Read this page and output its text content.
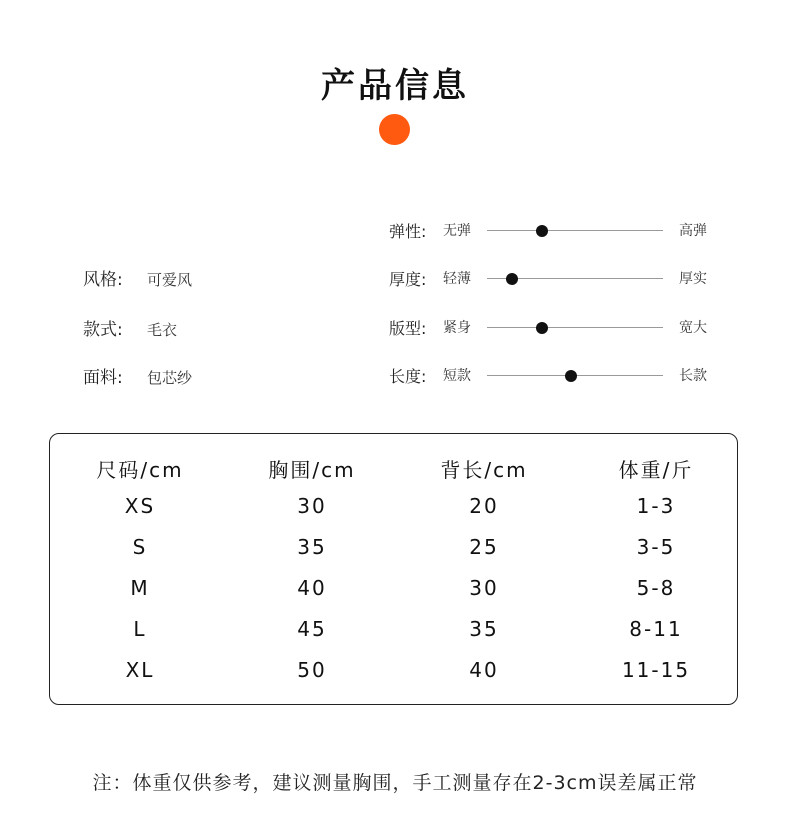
产品信息
风格: 可爱风
款式: 毛衣
面料: 包芯纱
弹性: 无弹	高弹
厚度: 轻薄	厚实
版型: 紧身	宽大
长度: 短款	长款
尺码/cm	胸围/cm	背长/cm	体重/斤
XS	30	20	1-3
S	35	25	3-5
M	40	30	5-8
L	45	35	8-11
XL	50	40	11-15
注：体重仅供参考，建议测量胸围，手工测量存在2-3cm误差属正常
